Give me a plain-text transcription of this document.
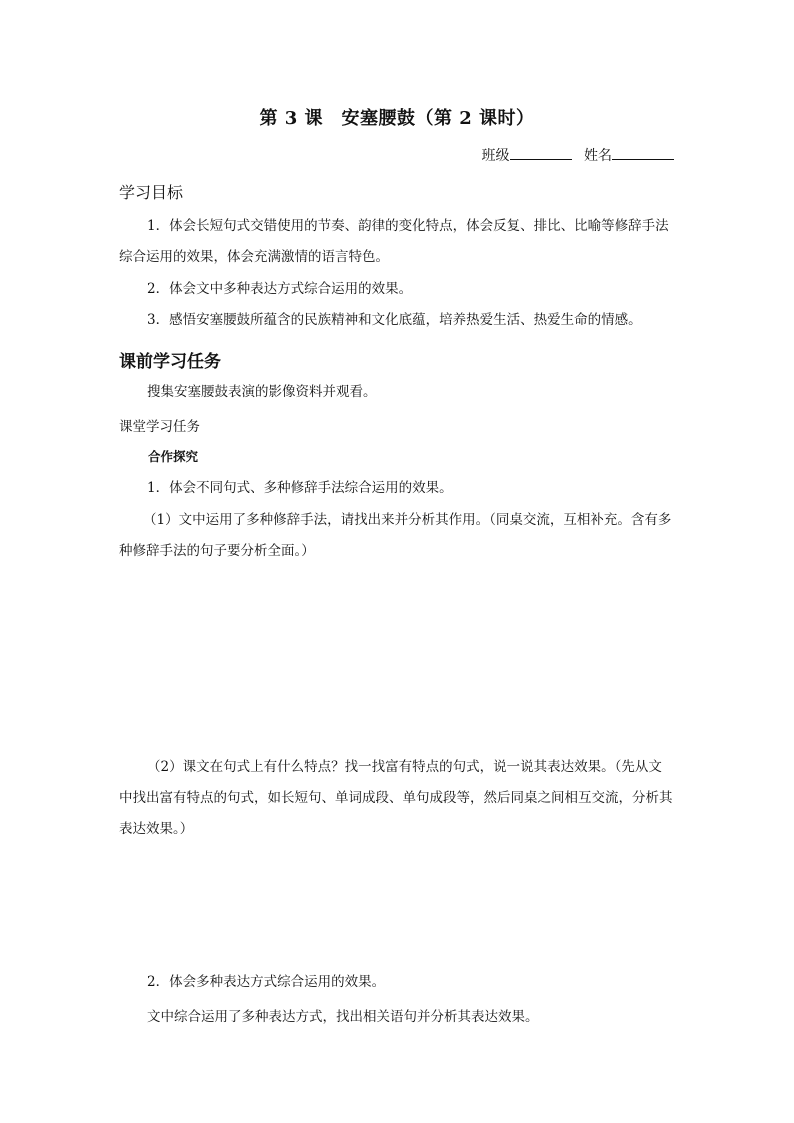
第 3 课　安塞腰鼓（第 2 课时）
班级	姓名
学习目标
1．体会长短句式交错使用的节奏、韵律的变化特点，体会反复、排比、比喻等修辞手法综合运用的效果，体会充满激情的语言特色。
2．体会文中多种表达方式综合运用的效果。
3．感悟安塞腰鼓所蕴含的民族精神和文化底蕴，培养热爱生活、热爱生命的情感。
课前学习任务
搜集安塞腰鼓表演的影像资料并观看。
课堂学习任务
合作探究
1．体会不同句式、多种修辞手法综合运用的效果。
（1）文中运用了多种修辞手法，请找出来并分析其作用。（同桌交流，互相补充。含有多种修辞手法的句子要分析全面。）
（2）课文在句式上有什么特点？找一找富有特点的句式，说一说其表达效果。（先从文中找出富有特点的句式，如长短句、单词成段、单句成段等，然后同桌之间相互交流，分析其表达效果。）
2．体会多种表达方式综合运用的效果。
文中综合运用了多种表达方式，找出相关语句并分析其表达效果。
